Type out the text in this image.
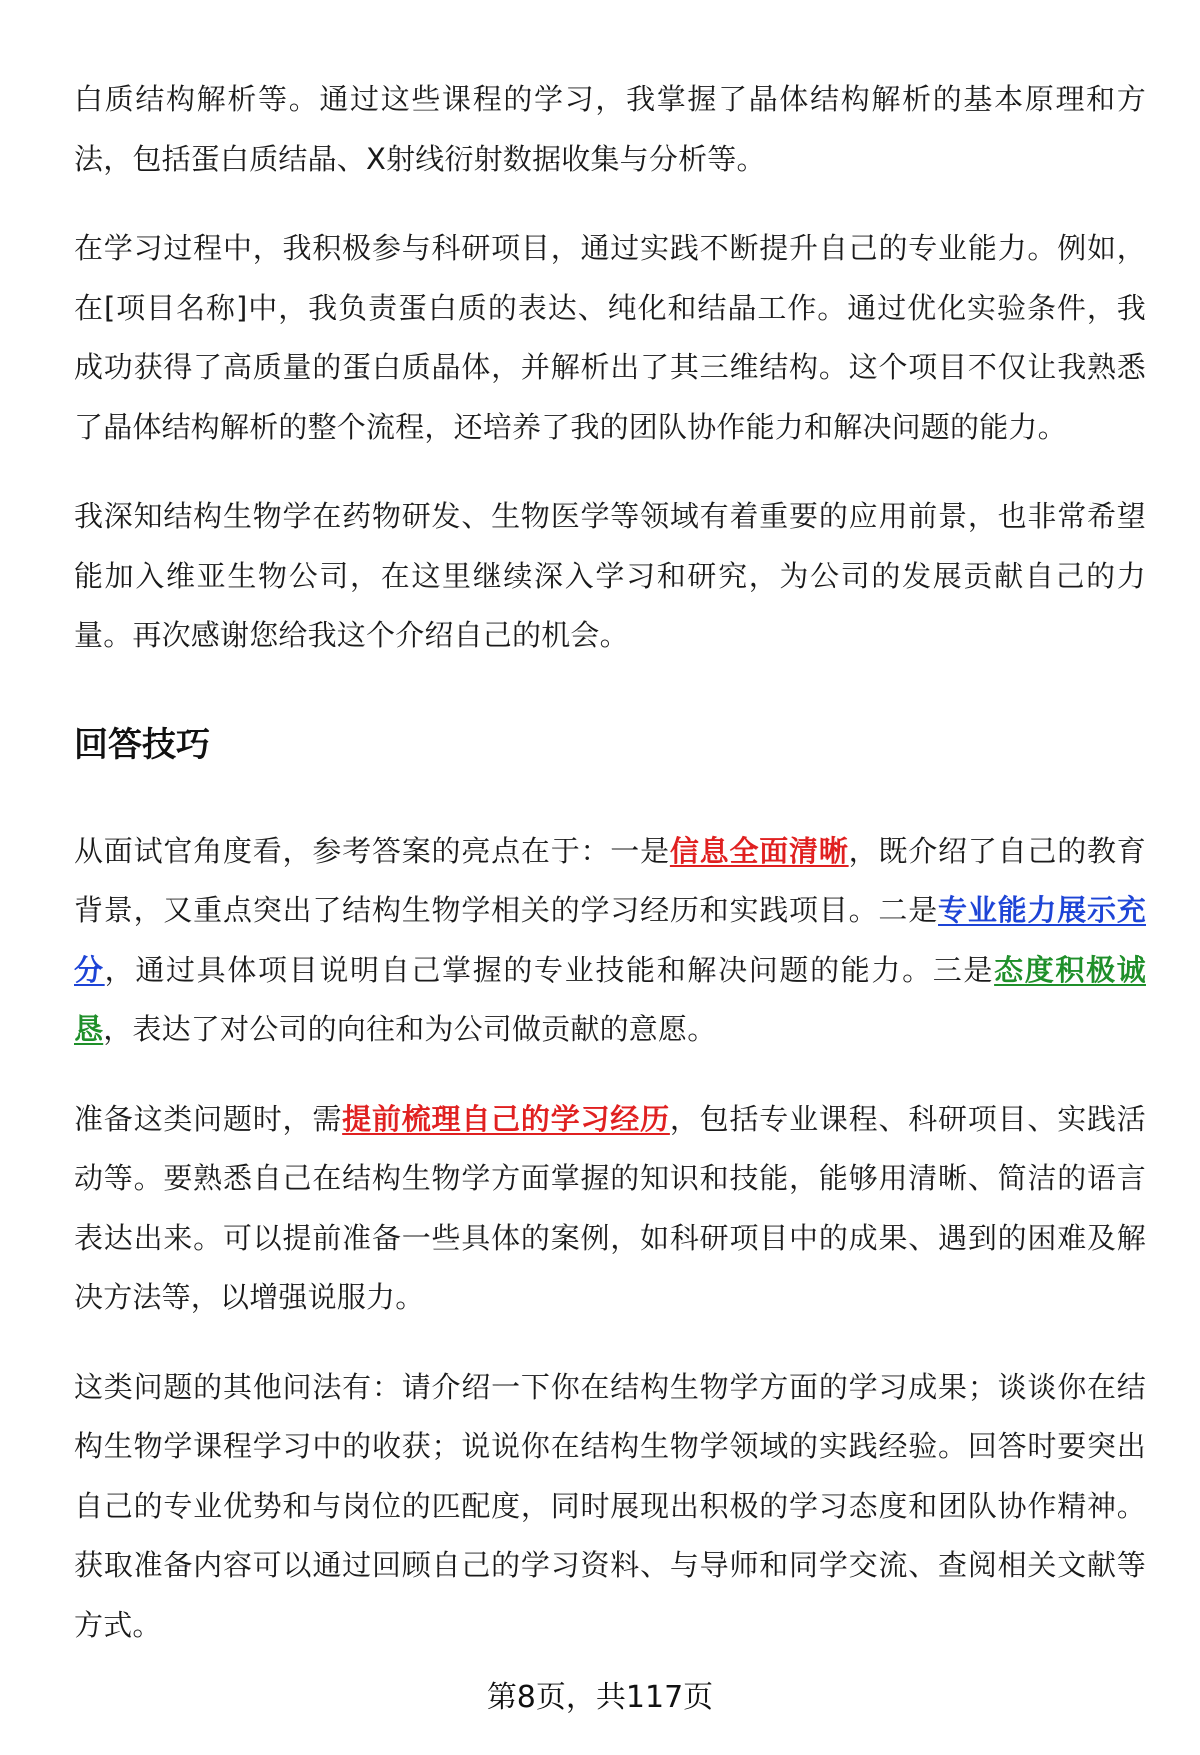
白质结构解析等。通过这些课程的学习，我掌握了晶体结构解析的基本原理和方法，包括蛋白质结晶、X射线衍射数据收集与分析等。

在学习过程中，我积极参与科研项目，通过实践不断提升自己的专业能力。例如，在[项目名称]中，我负责蛋白质的表达、纯化和结晶工作。通过优化实验条件，我成功获得了高质量的蛋白质晶体，并解析出了其三维结构。这个项目不仅让我熟悉了晶体结构解析的整个流程，还培养了我的团队协作能力和解决问题的能力。

我深知结构生物学在药物研发、生物医学等领域有着重要的应用前景，也非常希望能加入维亚生物公司，在这里继续深入学习和研究，为公司的发展贡献自己的力量。再次感谢您给我这个介绍自己的机会。

回答技巧

从面试官角度看，参考答案的亮点在于：一是信息全面清晰，既介绍了自己的教育背景，又重点突出了结构生物学相关的学习经历和实践项目。二是专业能力展示充分，通过具体项目说明自己掌握的专业技能和解决问题的能力。三是态度积极诚恳，表达了对公司的向往和为公司做贡献的意愿。

准备这类问题时，需提前梳理自己的学习经历，包括专业课程、科研项目、实践活动等。要熟悉自己在结构生物学方面掌握的知识和技能，能够用清晰、简洁的语言表达出来。可以提前准备一些具体的案例，如科研项目中的成果、遇到的困难及解决方法等，以增强说服力。

这类问题的其他问法有：请介绍一下你在结构生物学方面的学习成果；谈谈你在结构生物学课程学习中的收获；说说你在结构生物学领域的实践经验。回答时要突出自己的专业优势和与岗位的匹配度，同时展现出积极的学习态度和团队协作精神。获取准备内容可以通过回顾自己的学习资料、与导师和同学交流、查阅相关文献等方式。

第8页，共117页
